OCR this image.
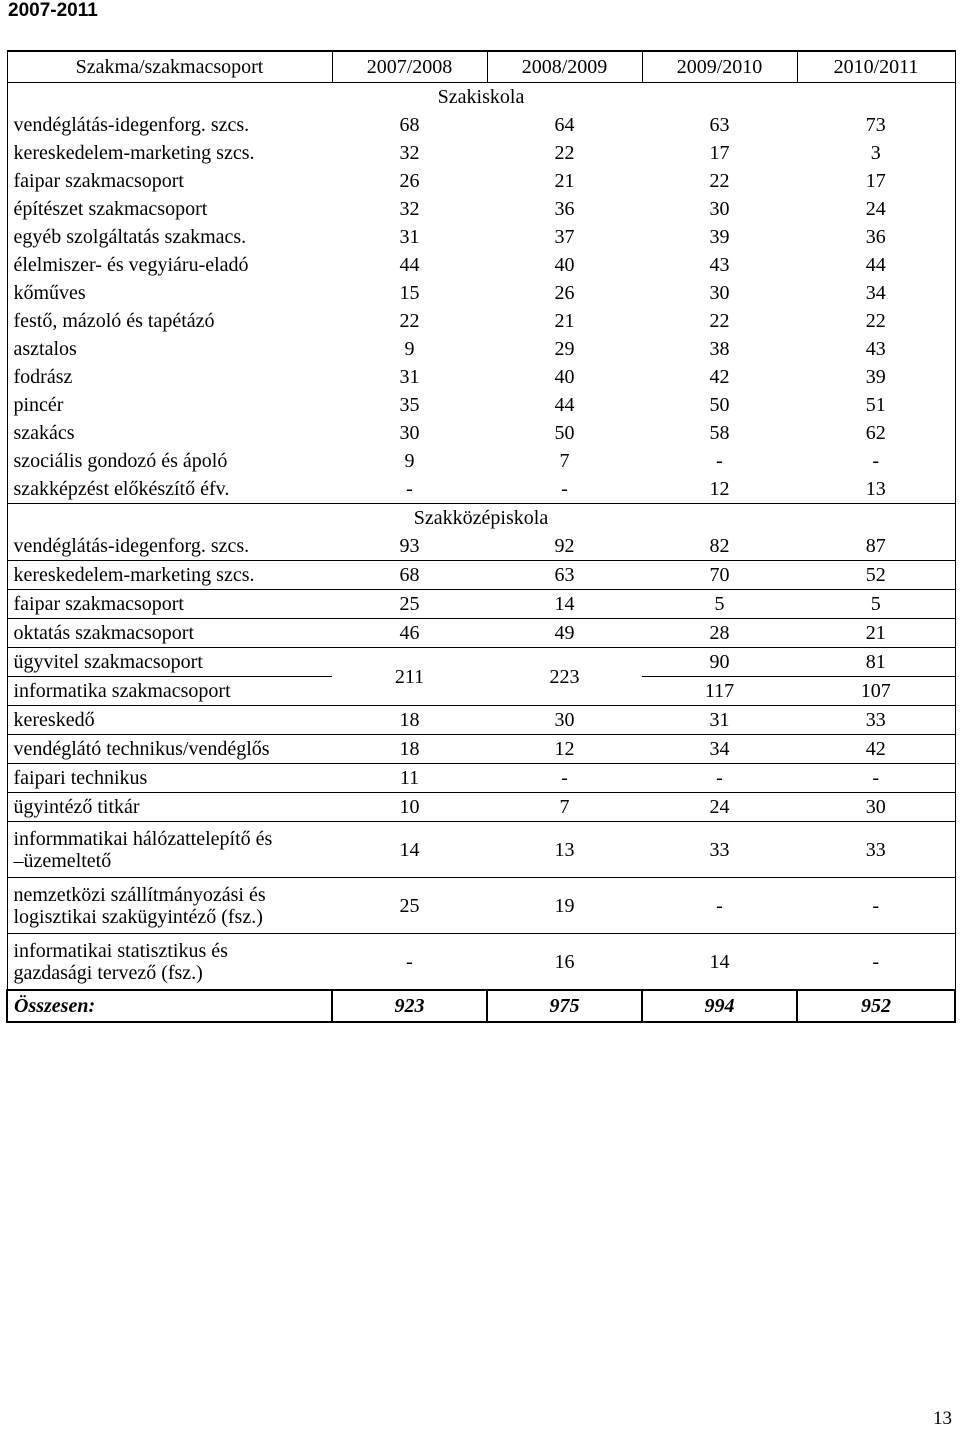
2007-2011
Szakma/szakmacsoport	2007/2008	2008/2009	2009/2010	2010/2011
Szakiskola				
vendéglátás-idegenforg. szcs.	68	64	63	73
kereskedelem-marketing szcs.	32	22	17	3
faipar szakmacsoport	26	21	22	17
építészet szakmacsoport	32	36	30	24
egyéb szolgáltatás szakmacs.	31	37	39	36
élelmiszer- és vegyiáru-eladó	44	40	43	44
kőműves	15	26	30	34
festő, mázoló és tapétázó	22	21	22	22
asztalos	9	29	38	43
fodrász	31	40	42	39
pincér	35	44	50	51
szakács	30	50	58	62
szociális gondozó és ápoló	9	7	-	-
szakképzést előkészítő éfv.	-	-	12	13
Szakközépiskola				
vendéglátás-idegenforg. szcs.	93	92	82	87
kereskedelem-marketing szcs.	68	63	70	52
faipar szakmacsoport	25	14	5	5
oktatás szakmacsoport	46	49	28	21
ügyvitel szakmacsoport	211	223	90	81
informatika szakmacsoport			117	107
kereskedő	18	30	31	33
vendéglátó technikus/vendéglős	18	12	34	42
faipari technikus	11	-	-	-
ügyintéző titkár	10	7	24	30

informmatikai hálózattelepítő és
–üzemeltető	14	13	33	33

nemzetközi szállítmányozási és
logisztikai szakügyintéző (fsz.)	25	19	-	-

informatikai statisztikus és
gazdasági tervező (fsz.)	-	16	14	-
Összesen:	923	975	994	952
13
